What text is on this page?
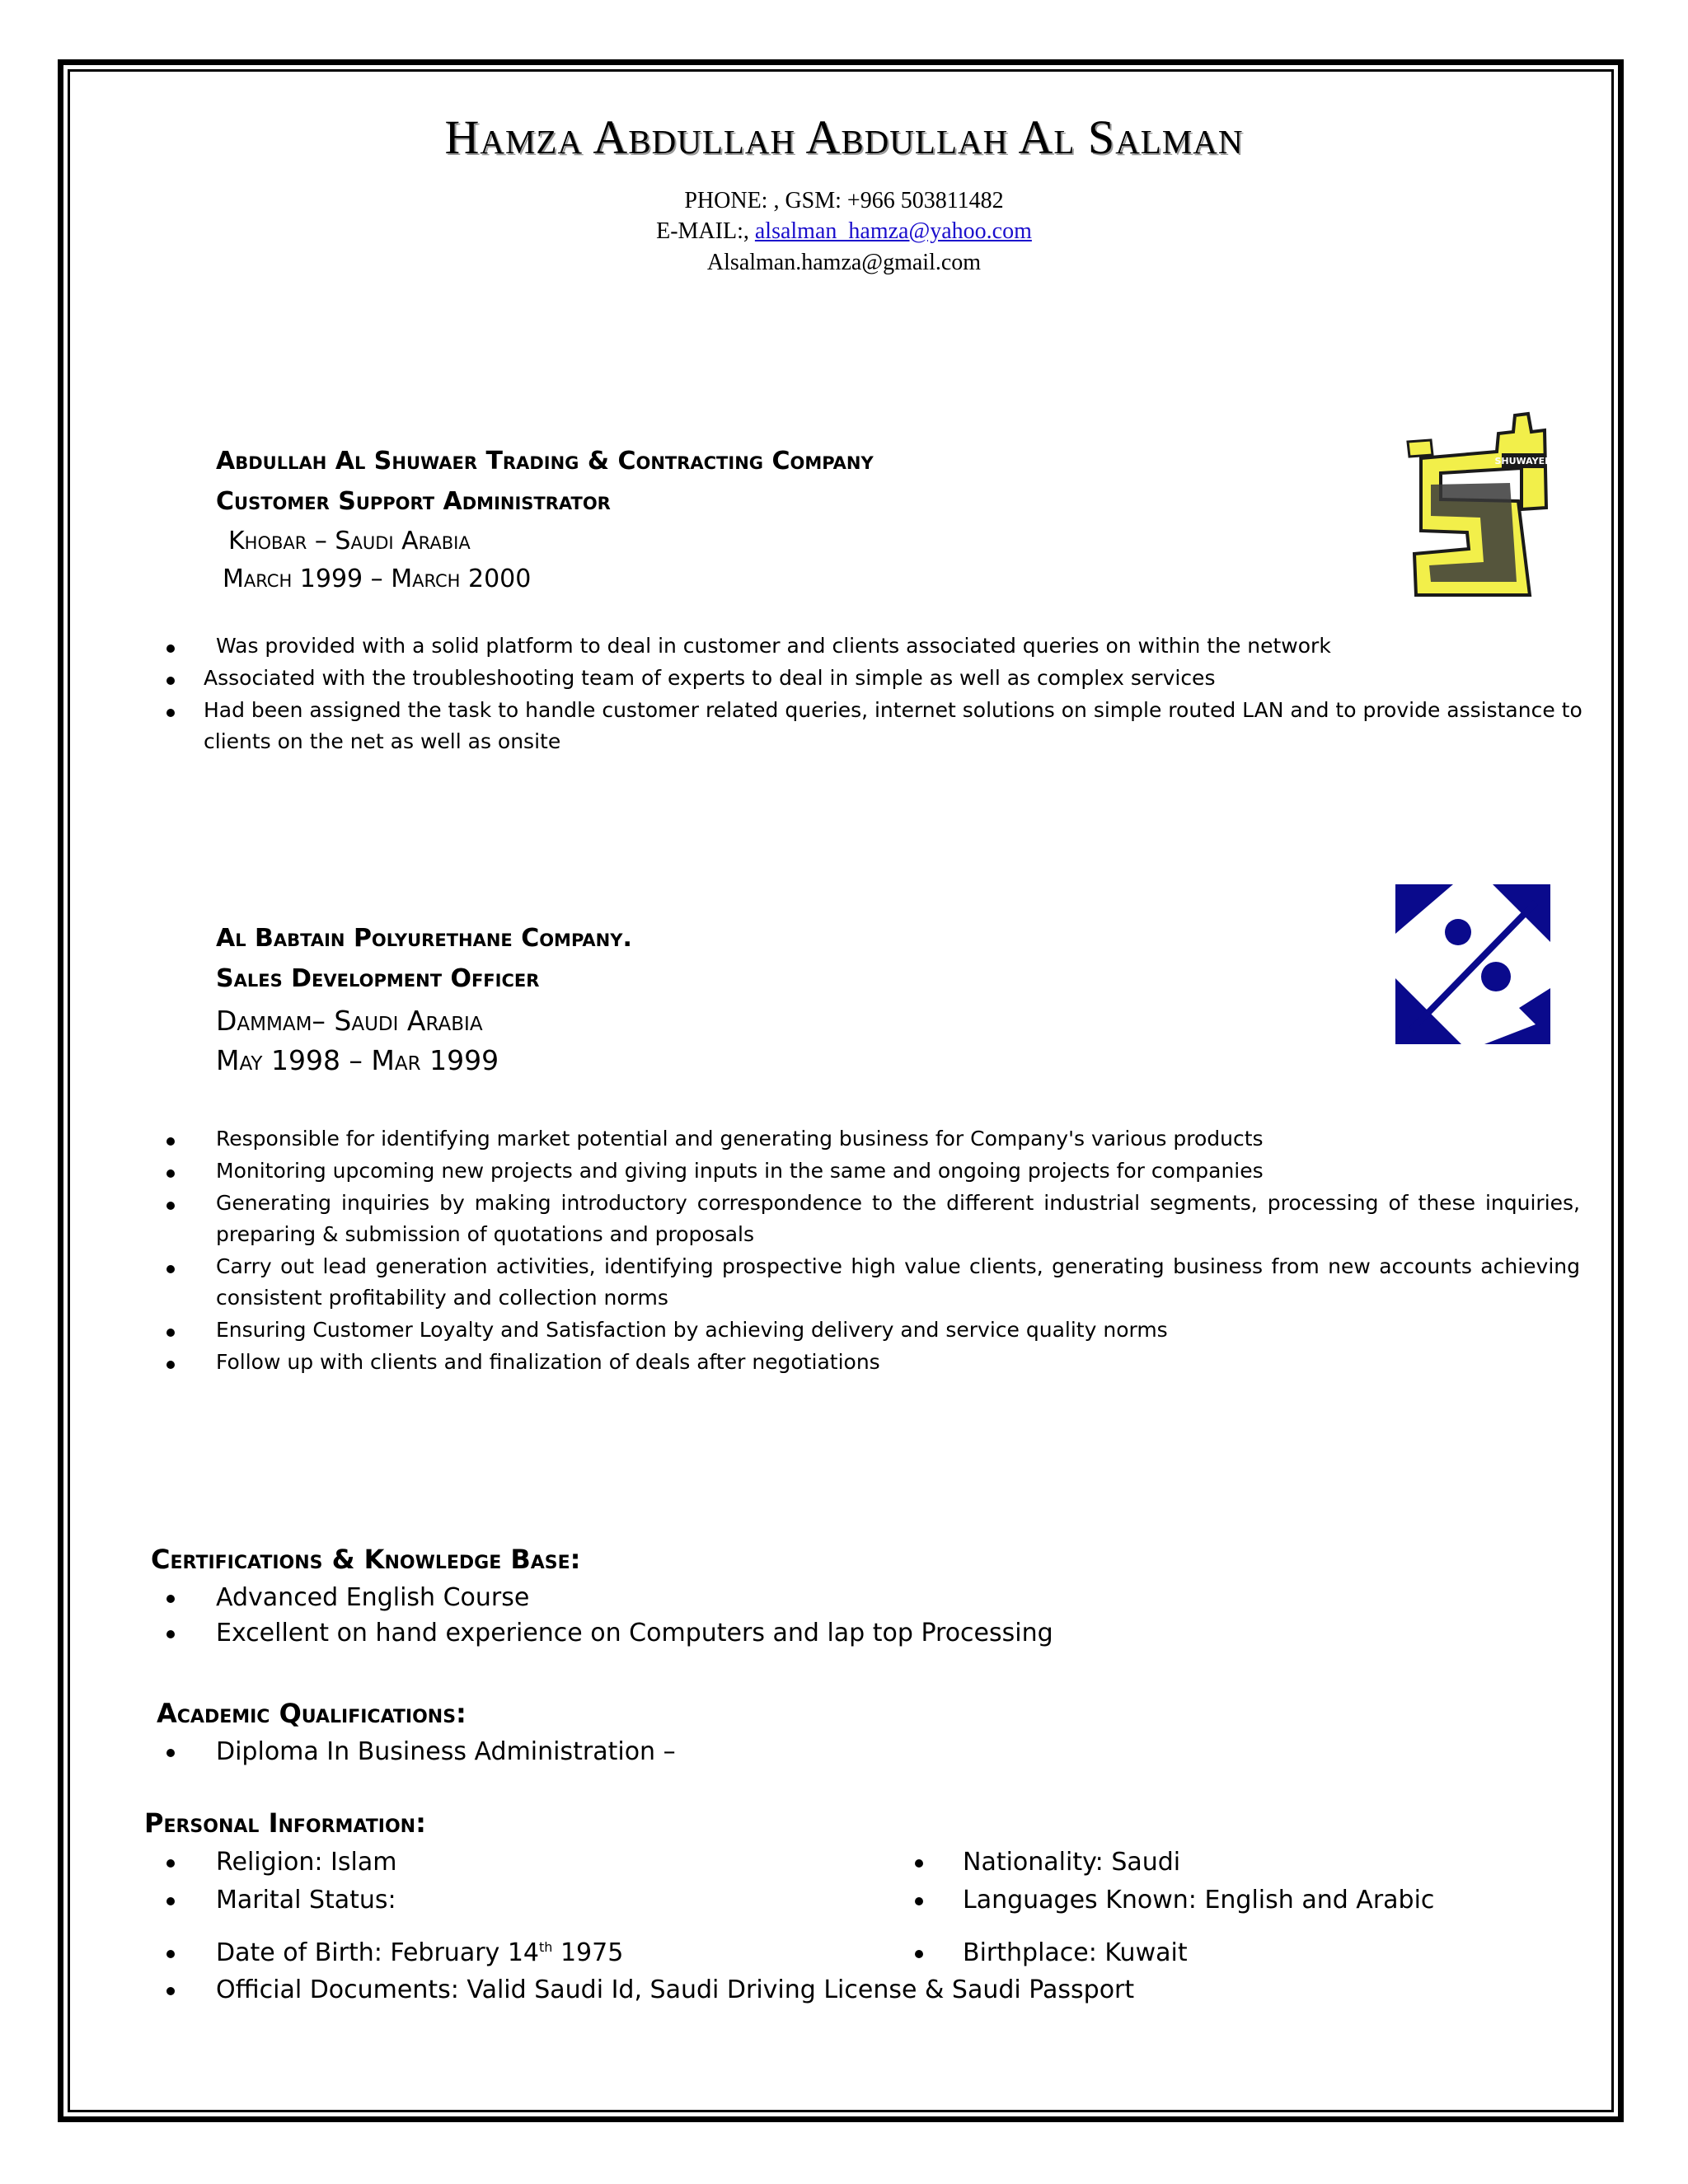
Hamza Abdullah Abdullah Al Salman
PHONE: , GSM: +966 503811482
E-MAIL:, alsalman_hamza@yahoo.com
Alsalman.hamza@gmail.com
Abdullah Al Shuwaer Trading & Contracting Company
Customer Support Administrator
Khobar – Saudi Arabia
March 1999 – March 2000
SHUWAYER
Was provided with a solid platform to deal in customer and clients associated queries on within the network
Associated with the troubleshooting team of experts to deal in simple as well as complex services
Had been assigned the task to handle customer related queries, internet solutions on simple routed LAN and to provide assistance to
clients on the net as well as onsite
Al Babtain Polyurethane Company.
Sales Development Officer
Dammam– Saudi Arabia
May 1998 – Mar 1999
Responsible for identifying market potential and generating business for Company's various products
Monitoring upcoming new projects and giving inputs in the same and ongoing projects for companies
Generating inquiries by making introductory correspondence to the different industrial segments, processing of these inquiries,
preparing & submission of quotations and proposals
Carry out lead generation activities, identifying prospective high value clients, generating business from new accounts achieving
consistent profitability and collection norms
Ensuring Customer Loyalty and Satisfaction by achieving delivery and service quality norms
Follow up with clients and finalization of deals after negotiations
Certifications & Knowledge Base:
Advanced English Course
Excellent on hand experience on Computers and lap top Processing
Academic Qualifications:
Diploma In Business Administration –
Personal Information:
Religion: Islam	Nationality: Saudi
Marital Status:	Languages Known: English and Arabic
Date of Birth: February 14th 1975	Birthplace: Kuwait
Official Documents: Valid Saudi Id, Saudi Driving License & Saudi Passport
